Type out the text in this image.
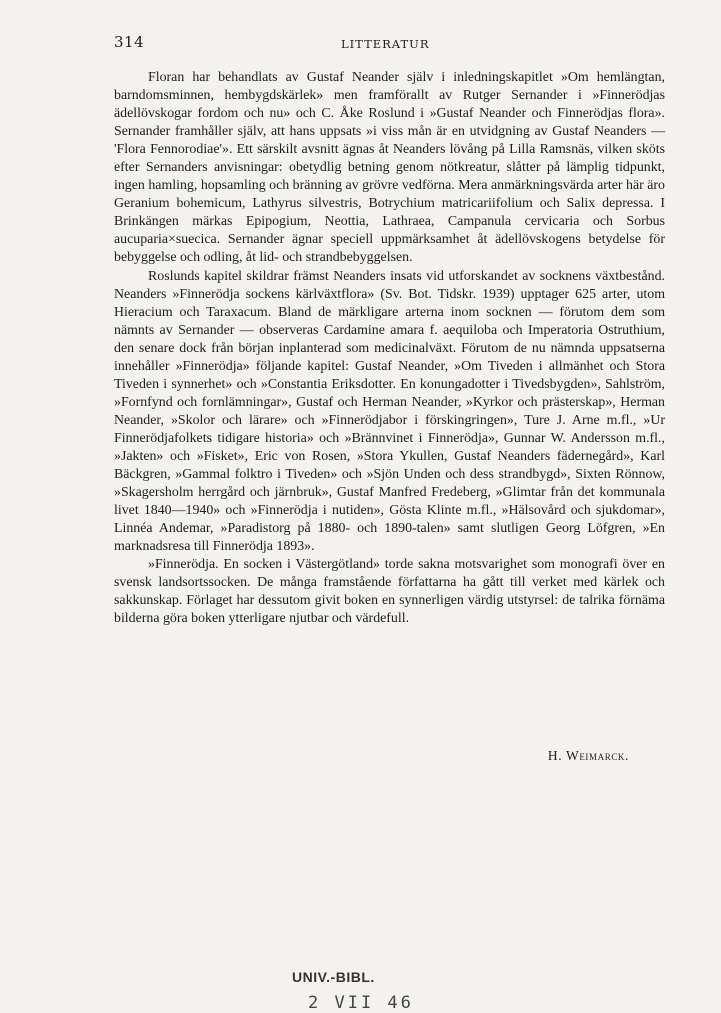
314	LITTERATUR

Floran har behandlats av Gustaf Neander själv i inledningskapitlet »Om hemlängtan, barndomsminnen, hembygdskärlek» men framförallt av Rutger Sernander i »Finnerödjas ädellövskogar fordom och nu» och C. Åke Roslund i »Gustaf Neander och Finnerödjas flora». Sernander framhåller själv, att hans uppsats »i viss mån är en utvidgning av Gustaf Neanders — 'Flora Fennorodiae'». Ett särskilt avsnitt ägnas åt Neanders lövång på Lilla Ramsnäs, vilken sköts efter Sernanders anvisningar: obetydlig betning genom nötkreatur, slåtter på lämplig tidpunkt, ingen hamling, hopsamling och bränning av grövre vedförna. Mera anmärkningsvärda arter här äro Geranium bohemicum, Lathyrus silvestris, Botrychium matricariifolium och Salix depressa. I Brinkängen märkas Epipogium, Neottia, Lathraea, Campanula cervicaria och Sorbus aucuparia×suecica. Sernander ägnar speciell uppmärksamhet åt ädellövskogens betydelse för bebyggelse och odling, åt lid- och strandbebyggelsen.

Roslunds kapitel skildrar främst Neanders insats vid utforskandet av socknens växtbestånd. Neanders »Finnerödja sockens kärlväxtflora» (Sv. Bot. Tidskr. 1939) upptager 625 arter, utom Hieracium och Taraxacum. Bland de märkligare arterna inom socknen — förutom dem som nämnts av Sernander — observeras Cardamine amara f. aequiloba och Imperatoria Ostruthium, den senare dock från början inplanterad som medicinalväxt. Förutom de nu nämnda uppsatserna innehåller »Finnerödja» följande kapitel: Gustaf Neander, »Om Tiveden i allmänhet och Stora Tiveden i synnerhet» och »Constantia Eriksdotter. En konungadotter i Tivedsbygden», Sahlström, »Fornfynd och fornlämningar», Gustaf och Herman Neander, »Kyrkor och prästerskap», Herman Neander, »Skolor och lärare» och »Finnerödjabor i förskingringen», Ture J. Arne m.fl., »Ur Finnerödjafolkets tidigare historia» och »Brännvinet i Finnerödja», Gunnar W. Andersson m.fl., »Jakten» och »Fisket», Eric von Rosen, »Stora Ykullen, Gustaf Neanders fädernegård», Karl Bäckgren, »Gammal folktro i Tiveden» och »Sjön Unden och dess strandbygd», Sixten Rönnow, »Skagersholm herrgård och järnbruk», Gustaf Manfred Fredeberg, »Glimtar från det kommunala livet 1840—1940» och »Finnerödja i nutiden», Gösta Klinte m.fl., »Hälsovård och sjukdomar», Linnéa Andemar, »Paradistorg på 1880- och 1890-talen» samt slutligen Georg Löfgren, »En marknadsresa till Finnerödja 1893».

»Finnerödja. En socken i Västergötland» torde sakna motsvarighet som monografi över en svensk landsortssocken. De många framstående författarna ha gått till verket med kärlek och sakkunskap. Förlaget har dessutom givit boken en synnerligen värdig utstyrsel: de talrika förnäma bilderna göra boken ytterligare njutbar och värdefull.

H. Weimarck.
UNIV.-BIBL.
2 VII 46
